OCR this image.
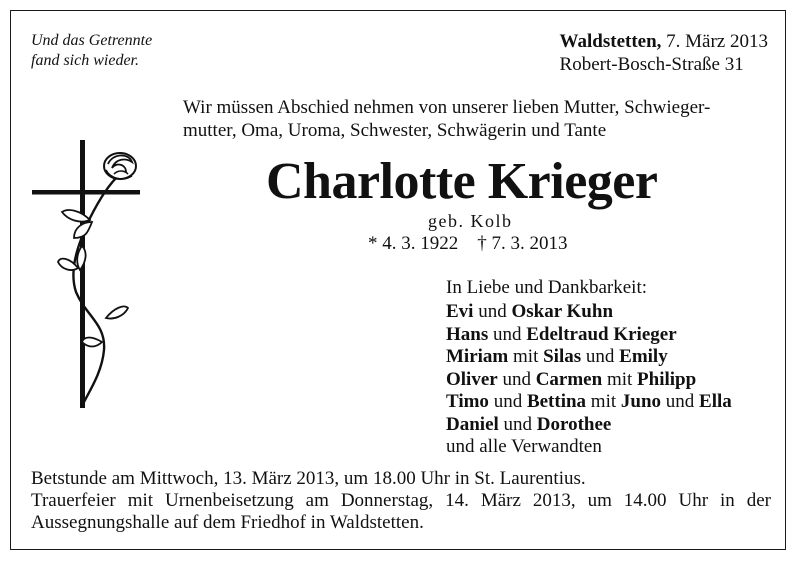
Und das Getrennte
fand sich wieder.
Waldstetten, 7. März 2013
Robert-Bosch-Straße 31
Wir müssen Abschied nehmen von unserer lieben Mutter, Schwieger-
mutter, Oma, Uroma, Schwester, Schwägerin und Tante
Charlotte Krieger
geb. Kolb
* 4. 3. 1922 † 7. 3. 2013
In Liebe und Dankbarkeit:
Evi und Oskar Kuhn
Hans und Edeltraud Krieger
Miriam mit Silas und Emily
Oliver und Carmen mit Philipp
Timo und Bettina mit Juno und Ella
Daniel und Dorothee
und alle Verwandten
Betstunde am Mittwoch, 13. März 2013, um 18.00 Uhr in St. Laurentius.
Trauerfeier mit Urnenbeisetzung am Donnerstag, 14. März 2013, um 14.00 Uhr in der
Aussegnungshalle auf dem Friedhof in Waldstetten.
